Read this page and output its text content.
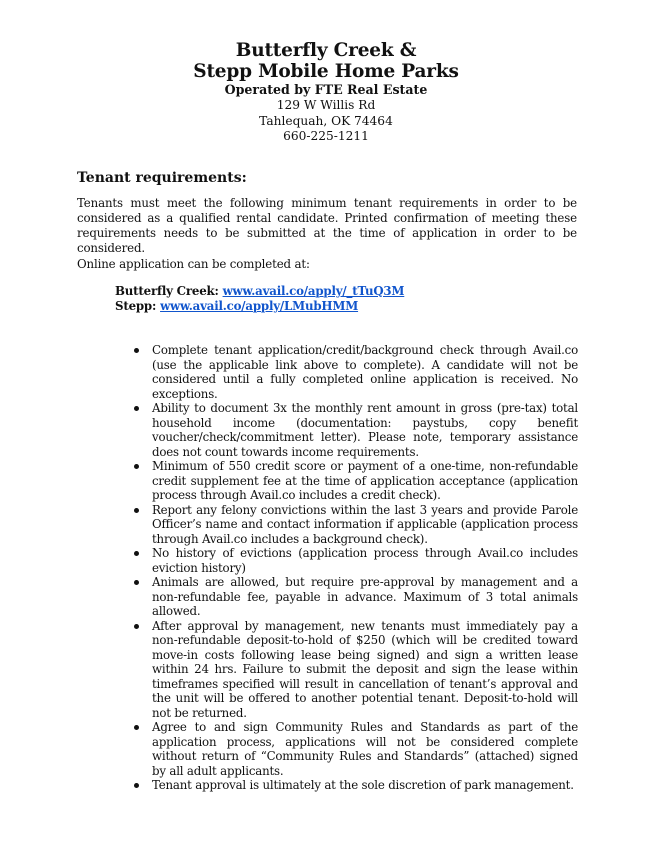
Butterfly Creek &
Stepp Mobile Home Parks
Operated by FTE Real Estate
129 W Willis Rd
Tahlequah, OK 74464
660-225-1211
Tenant requirements:

Tenants must meet the following minimum tenant requirements in order to be considered as a qualified rental candidate. Printed confirmation of meeting these requirements needs to be submitted at the time of application in order to be considered.

Online application can be completed at:

Butterfly Creek: www.avail.co/apply/_tTuQ3M
Stepp: www.avail.co/apply/LMubHMM
Complete tenant application/credit/background check through Avail.co (use the applicable link above to complete). A candidate will not be considered until a fully completed online application is received. No exceptions.
Ability to document 3x the monthly rent amount in gross (pre-tax) total household income (documentation: paystubs, copy benefit voucher/check/commitment letter). Please note, temporary assistance does not count towards income requirements.
Minimum of 550 credit score or payment of a one-time, non-refundable credit supplement fee at the time of application acceptance (application process through Avail.co includes a credit check).
Report any felony convictions within the last 3 years and provide Parole Officer’s name and contact information if applicable (application process through Avail.co includes a background check).
No history of evictions (application process through Avail.co includes eviction history)
Animals are allowed, but require pre-approval by management and a non-refundable fee, payable in advance. Maximum of 3 total animals allowed.
After approval by management, new tenants must immediately pay a non-refundable deposit-to-hold of $250 (which will be credited toward move-in costs following lease being signed) and sign a written lease within 24 hrs. Failure to submit the deposit and sign the lease within timeframes specified will result in cancellation of tenant’s approval and the unit will be offered to another potential tenant. Deposit-to-hold will not be returned.
Agree to and sign Community Rules and Standards as part of the application process, applications will not be considered complete without return of “Community Rules and Standards” (attached) signed by all adult applicants.
Tenant approval is ultimately at the sole discretion of park management.
